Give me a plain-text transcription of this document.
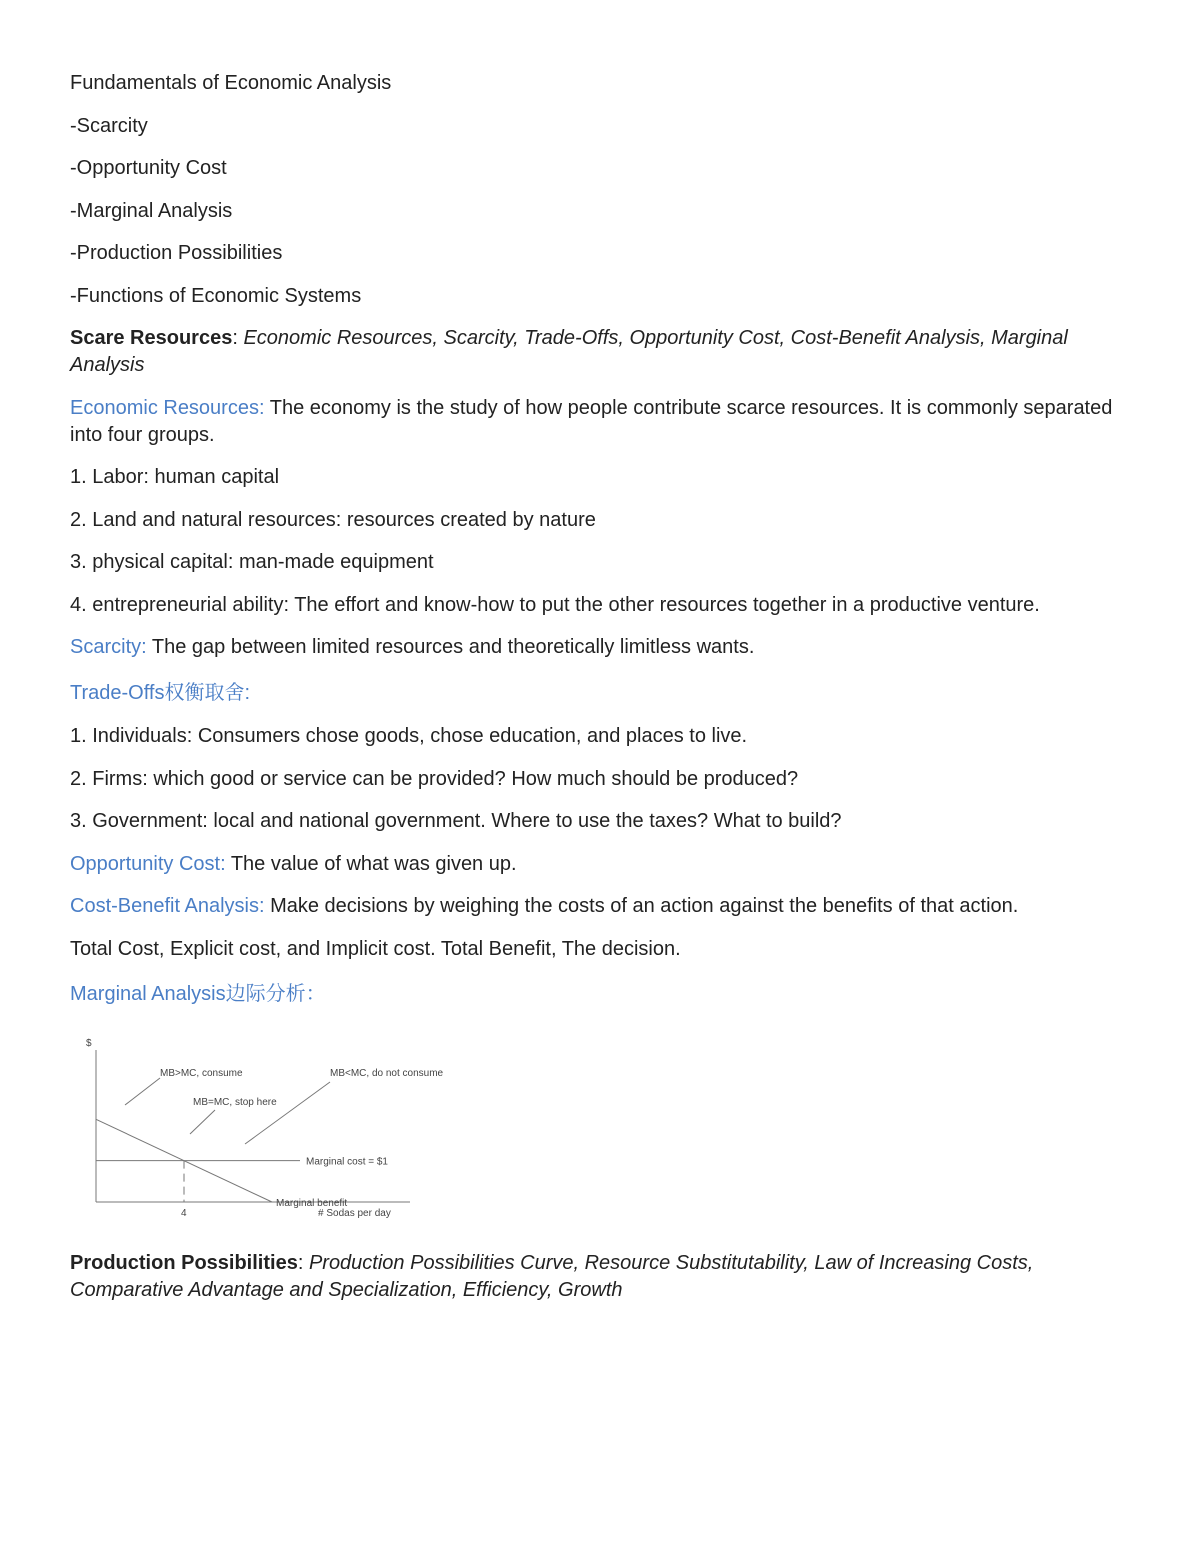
Fundamentals of Economic Analysis

-Scarcity

-Opportunity Cost

-Marginal Analysis

-Production Possibilities

-Functions of Economic Systems

Scare Resources: Economic Resources, Scarcity, Trade-Offs, Opportunity Cost, Cost-Benefit Analysis, Marginal Analysis

Economic Resources: The economy is the study of how people contribute scarce resources. It is commonly separated into four groups.

1. Labor: human capital

2. Land and natural resources: resources created by nature

3. physical capital: man-made equipment

4. entrepreneurial ability: The effort and know-how to put the other resources together in a productive venture.

Scarcity: The gap between limited resources and theoretically limitless wants.

Trade-Offs权衡取舍:

1. Individuals: Consumers chose goods, chose education, and places to live.

2. Firms: which good or service can be provided? How much should be produced?

3. Government: local and national government. Where to use the taxes? What to build?

Opportunity Cost: The value of what was given up.

Cost-Benefit Analysis: Make decisions by weighing the costs of an action against the benefits of that action.

Total Cost, Explicit cost, and Implicit cost. Total Benefit, The decision.

Marginal Analysis边际分析：

Production Possibilities: Production Possibilities Curve, Resource Substitutability, Law of Increasing Costs, Comparative Advantage and Specialization, Efficiency, Growth

$
# Sodas per day
4
Marginal cost = $1
Marginal benefit
MB>MC, consume
MB=MC, stop here
MB<MC, do not consume
